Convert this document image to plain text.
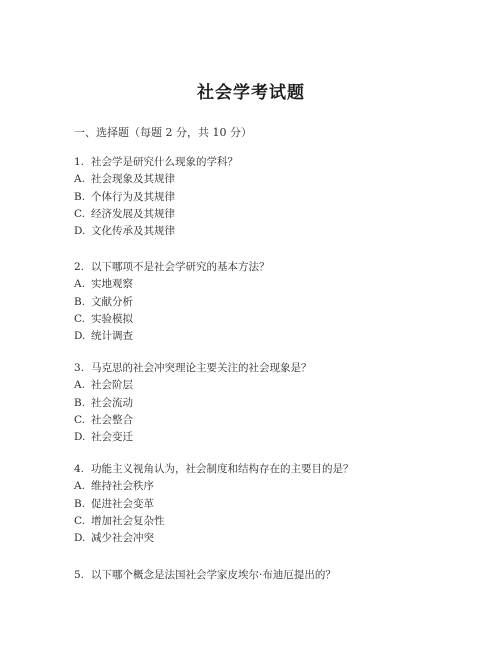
社会学考试题
一、选择题（每题 2 分，共 10 分）
1. 社会学是研究什么现象的学科？
A. 社会现象及其规律
B. 个体行为及其规律
C. 经济发展及其规律
D. 文化传承及其规律
2. 以下哪项不是社会学研究的基本方法？
A. 实地观察
B. 文献分析
C. 实验模拟
D. 统计调查
3. 马克思的社会冲突理论主要关注的社会现象是？
A. 社会阶层
B. 社会流动
C. 社会整合
D. 社会变迁
4. 功能主义视角认为，社会制度和结构存在的主要目的是？
A. 维持社会秩序
B. 促进社会变革
C. 增加社会复杂性
D. 减少社会冲突
5. 以下哪个概念是法国社会学家皮埃尔·布迪厄提出的？
